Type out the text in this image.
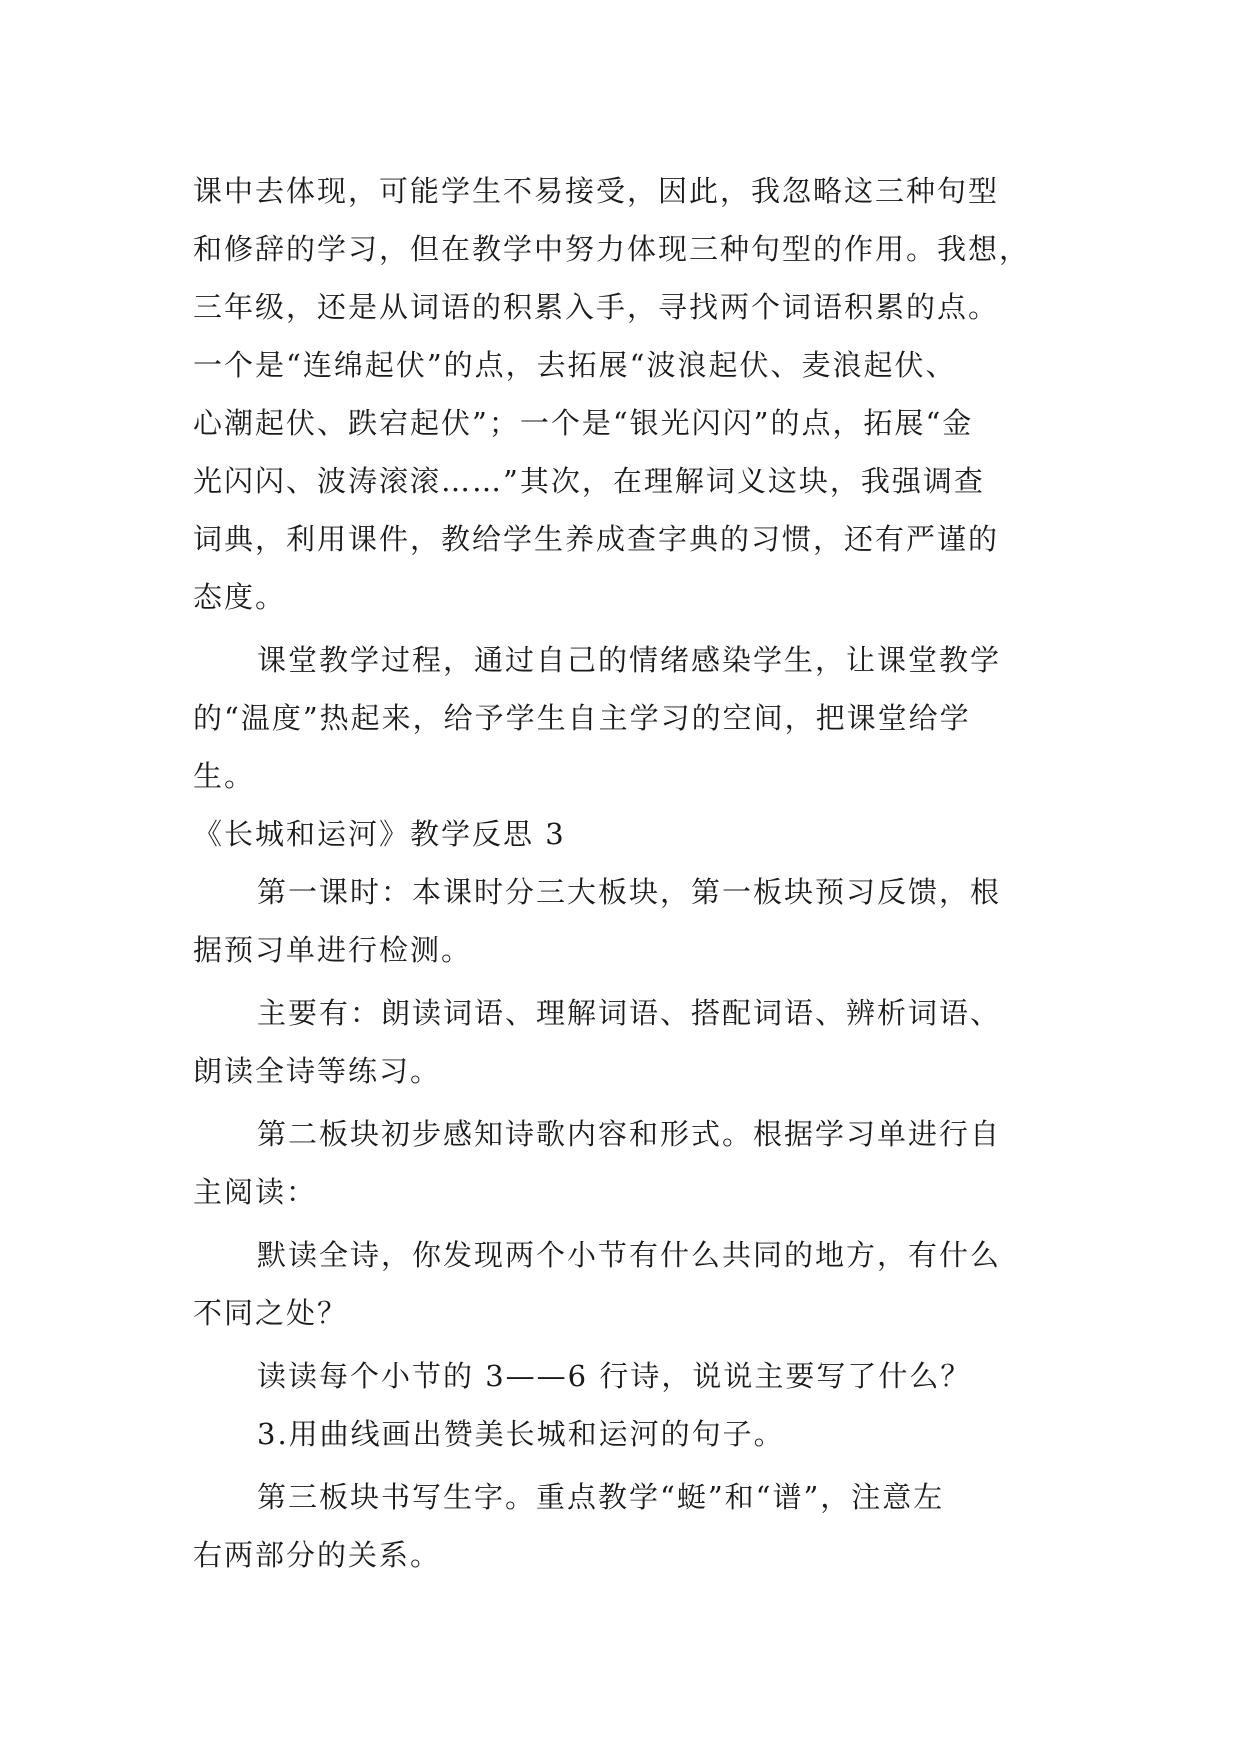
课中去体现，可能学生不易接受，因此，我忽略这三种句型
和修辞的学习，但在教学中努力体现三种句型的作用。我想，
三年级，还是从词语的积累入手，寻找两个词语积累的点。
一个是“连绵起伏”的点，去拓展“波浪起伏、麦浪起伏、
心潮起伏、跌宕起伏”；一个是“银光闪闪”的点，拓展“金
光闪闪、波涛滚滚……”其次，在理解词义这块，我强调查
词典，利用课件，教给学生养成查字典的习惯，还有严谨的
态度。
课堂教学过程，通过自己的情绪感染学生，让课堂教学
的“温度”热起来，给予学生自主学习的空间，把课堂给学
生。
《长城和运河》教学反思 3
第一课时：本课时分三大板块，第一板块预习反馈，根
据预习单进行检测。
主要有：朗读词语、理解词语、搭配词语、辨析词语、
朗读全诗等练习。
第二板块初步感知诗歌内容和形式。根据学习单进行自
主阅读：
默读全诗，你发现两个小节有什么共同的地方，有什么
不同之处？
读读每个小节的 3——6 行诗，说说主要写了什么？
3.用曲线画出赞美长城和运河的句子。
第三板块书写生字。重点教学“蜓”和“谱”，注意左
右两部分的关系。
